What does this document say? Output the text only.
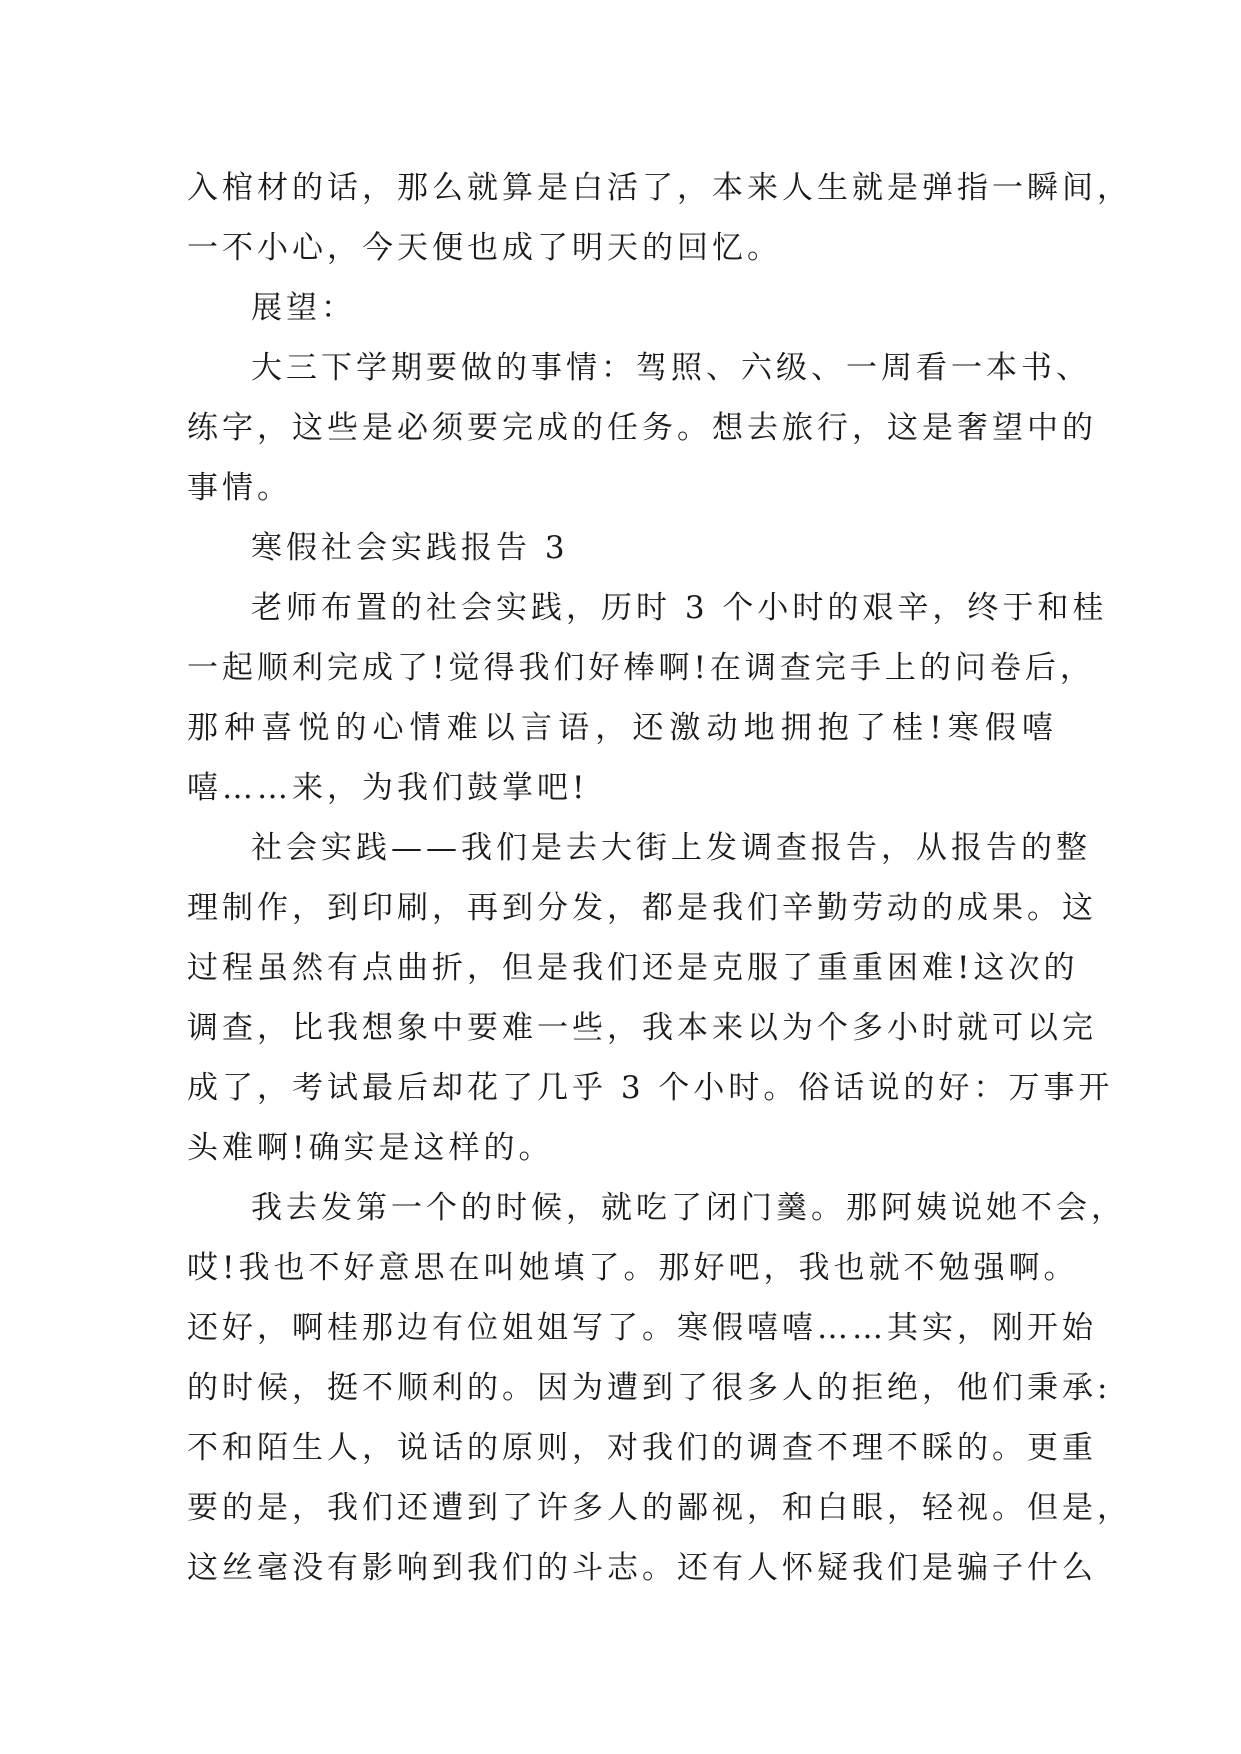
入棺材的话，那么就算是白活了，本来人生就是弹指一瞬间，
一不小心，今天便也成了明天的回忆。
展望：
大三下学期要做的事情：驾照、六级、一周看一本书、
练字，这些是必须要完成的任务。想去旅行，这是奢望中的
事情。
寒假社会实践报告 3
老师布置的社会实践，历时 3 个小时的艰辛，终于和桂
一起顺利完成了!觉得我们好棒啊!在调查完手上的问卷后，
那种喜悦的心情难以言语，还激动地拥抱了桂!寒假嘻
嘻……来，为我们鼓掌吧!
社会实践——我们是去大街上发调查报告，从报告的整
理制作，到印刷，再到分发，都是我们辛勤劳动的成果。这
过程虽然有点曲折，但是我们还是克服了重重困难!这次的
调查，比我想象中要难一些，我本来以为个多小时就可以完
成了，考试最后却花了几乎 3 个小时。俗话说的好：万事开
头难啊!确实是这样的。
我去发第一个的时候，就吃了闭门羹。那阿姨说她不会，
哎!我也不好意思在叫她填了。那好吧，我也就不勉强啊。
还好，啊桂那边有位姐姐写了。寒假嘻嘻……其实，刚开始
的时候，挺不顺利的。因为遭到了很多人的拒绝，他们秉承:
不和陌生人，说话的原则，对我们的调查不理不睬的。更重
要的是，我们还遭到了许多人的鄙视，和白眼，轻视。但是，
这丝毫没有影响到我们的斗志。还有人怀疑我们是骗子什么
